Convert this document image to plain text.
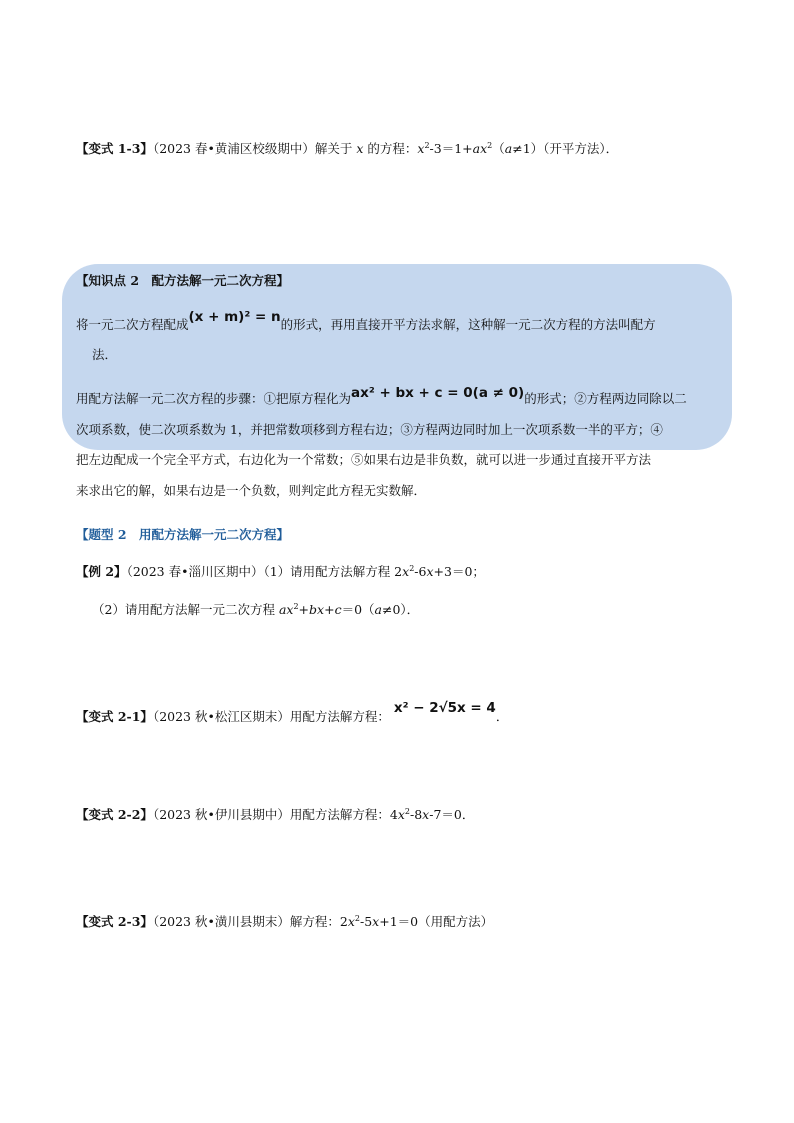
【变式 1-3】（2023 春•黄浦区校级期中）解关于 x 的方程：$x^2-3=1+ax^2(a\ne 1)$（开平方法）．
【知识点 2　配方法解一元二次方程】
将一元二次方程配成(x + m)² = n的形式，再用直接开平方法求解，这种解一元二次方程的方法叫配方
法．
用配方法解一元二次方程的步骤：①把原方程化为ax² + bx + c = 0(a ≠ 0)的形式；②方程两边同除以二
次项系数，使二次项系数为 1，并把常数项移到方程右边；③方程两边同时加上一次项系数一半的平方；④
把左边配成一个完全平方式，右边化为一个常数；⑤如果右边是非负数，就可以进一步通过直接开平方法
来求出它的解，如果右边是一个负数，则判定此方程无实数解．
【题型 2　用配方法解一元二次方程】
【例 2】（2023 春•淄川区期中）（1）请用配方法解方程 $2x^2-6x+3=0$；
（2）请用配方法解一元二次方程 $ax^2+bx+c=0(a\ne 0)$．
【变式 2-1】（2023 秋•松江区期末）用配方法解方程：x² − 2√5x = 4．
【变式 2-2】（2023 秋•伊川县期中）用配方法解方程：$4x^2-8x-7=0$．
【变式 2-3】（2023 秋•潢川县期末）解方程：$2x^2-5x+1=0$（用配方法）
